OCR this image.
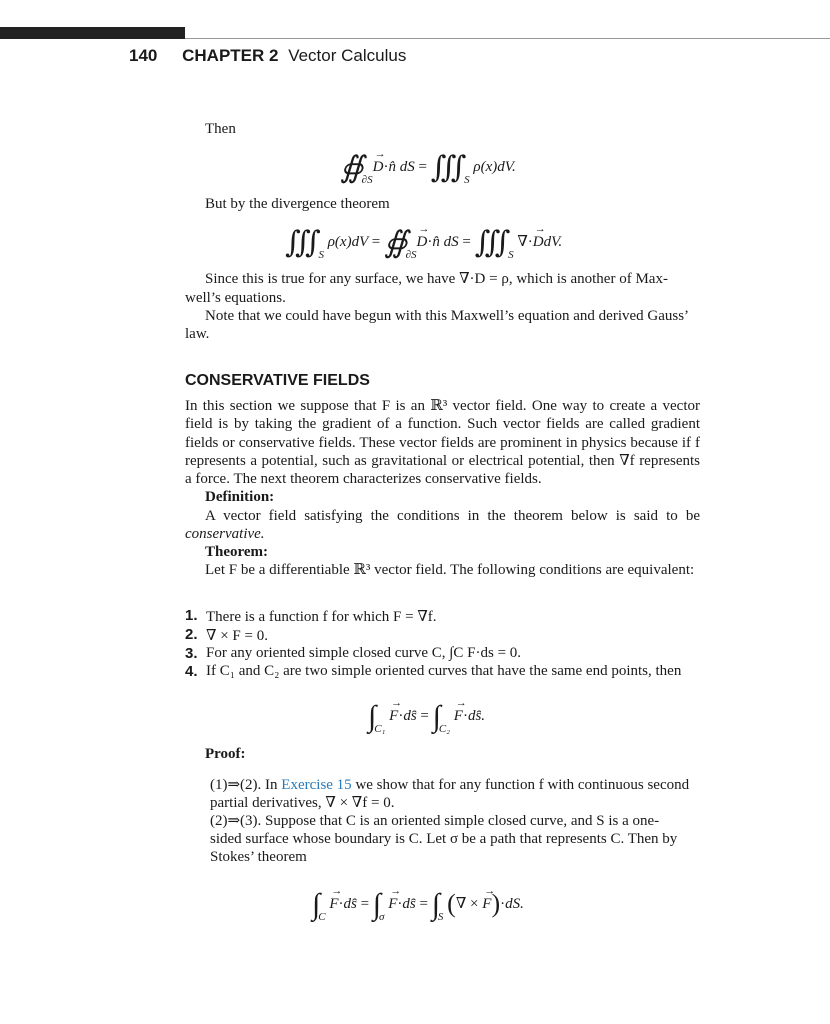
140 CHAPTER 2 Vector Calculus
Then
∯ $_{\partial S}$→ D·n̂ dS = ∭ $_S$ ρ(x)dV.
But by the divergence theorem
∭ $_S$ ρ(x)dV = ∯ $_{\partial S}$→ D·n̂ dS = ∭ $_S$ ∇·→ DdV.
Since this is true for any surface, we have ∇·D = ρ, which is another of Max-
well’s equations.
Note that we could have begun with this Maxwell’s equation and derived Gauss’
law.
CONSERVATIVE FIELDS
In this section we suppose that F is an ℝ³ vector field. One way to create a vector field is by taking the gradient of a function. Such vector fields are called gradient fields or conservative fields. These vector fields are prominent in physics because if f represents a potential, such as gravitational or electrical potential, then ∇f represents a force. The next theorem characterizes conservative fields.
Definition:
A vector field satisfying the conditions in the theorem below is said to be conservative.
Theorem:
Let F be a differentiable ℝ³ vector field. The following conditions are equivalent:
1. There is a function f for which F = ∇f.
2. ∇ × F = 0.
3. For any oriented simple closed curve C, ∫C F·ds = 0.
4. If C₁ and C₂ are two simple oriented curves that have the same end points, then
∫ $_{C_1}$ → F·ds̑ = ∫ $_{C_2}$ → F·ds̑.
Proof:
(1)⇒(2). In Exercise 15 we show that for any function f with continuous second
partial derivatives, ∇ × ∇f = 0.
(2)⇒(3). Suppose that C is an oriented simple closed curve, and S is a one-
sided surface whose boundary is C. Let σ be a path that represents C. Then by
Stokes’ theorem
∫ $_C$ → F·ds̑ = ∫ $_\sigma$ → F·ds̑ = ∫ $_S$ (∇ × → F)·dS.
